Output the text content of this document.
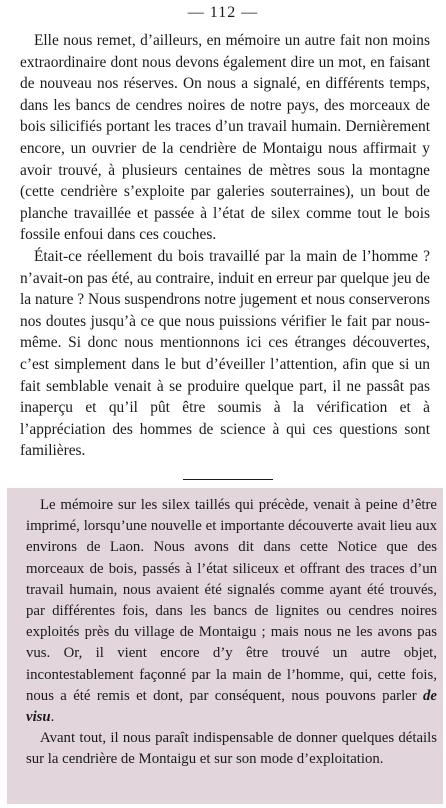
— 112 —

Elle nous remet, d’ailleurs, en mémoire un autre fait non moins extraordinaire dont nous devons également dire un mot, en faisant de nouveau nos réserves. On nous a signalé, en différents temps, dans les bancs de cendres noires de notre pays, des morceaux de bois silicifiés portant les traces d’un travail humain. Dernièrement encore, un ouvrier de la cendrière de Montaigu nous affirmait y avoir trouvé, à plusieurs centaines de mètres sous la montagne (cette cendrière s’exploite par galeries souterraines), un bout de planche travaillée et passée à l’état de silex comme tout le bois fossile enfoui dans ces couches.

Était-ce réellement du bois travaillé par la main de l’homme ? n’avait-on pas été, au contraire, induit en erreur par quelque jeu de la nature ? Nous suspendrons notre jugement et nous conserverons nos doutes jusqu’à ce que nous puissions vérifier le fait par nous-même. Si donc nous mentionnons ici ces étranges découvertes, c’est simplement dans le but d’éveiller l’attention, afin que si un fait semblable venait à se produire quelque part, il ne passât pas inaperçu et qu’il pût être soumis à la vérification et à l’appréciation des hommes de science à qui ces questions sont familières.

Le mémoire sur les silex taillés qui précède, venait à peine d’être imprimé, lorsqu’une nouvelle et importante découverte avait lieu aux environs de Laon. Nous avons dit dans cette Notice que des morceaux de bois, passés à l’état siliceux et offrant des traces d’un travail humain, nous avaient été signalés comme ayant été trouvés, par différentes fois, dans les bancs de lignites ou cendres noires exploités près du village de Montaigu ; mais nous ne les avons pas vus. Or, il vient encore d’y être trouvé un autre objet, incontestablement façonné par la main de l’homme, qui, cette fois, nous a été remis et dont, par conséquent, nous pouvons parler de visu.

Avant tout, il nous paraît indispensable de donner quelques détails sur la cendrière de Montaigu et sur son mode d’exploitation.
